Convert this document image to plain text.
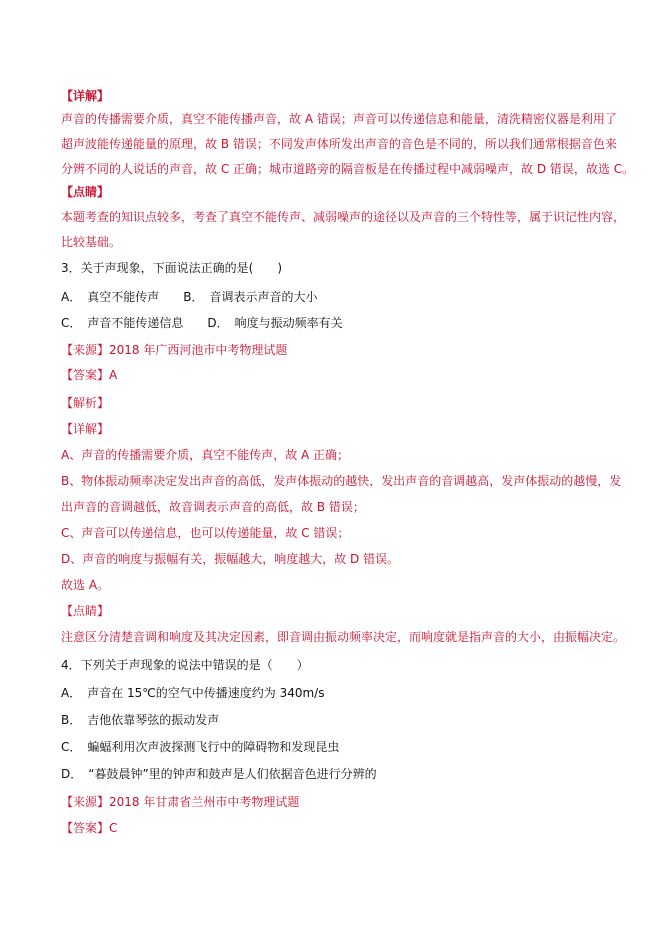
【详解】
声音的传播需要介质，真空不能传播声音，故 A 错误；声音可以传递信息和能量，清洗精密仪器是利用了
超声波能传递能量的原理，故 B 错误；不同发声体所发出声音的音色是不同的，所以我们通常根据音色来
分辨不同的人说话的声音，故 C 正确；城市道路旁的隔音板是在传播过程中减弱噪声，故 D 错误，故选 C。
【点睛】
本题考查的知识点较多，考查了真空不能传声、减弱噪声的途径以及声音的三个特性等，属于识记性内容，
比较基础。
3．关于声现象，下面说法正确的是(　　)
A．　真空不能传声　　B．　音调表示声音的大小
C．　声音不能传递信息　　D．　响度与振动频率有关
【来源】2018 年广西河池市中考物理试题
【答案】A
【解析】
【详解】
A、声音的传播需要介质，真空不能传声，故 A 正确；
B、物体振动频率决定发出声音的高低，发声体振动的越快，发出声音的音调越高，发声体振动的越慢，发
出声音的音调越低，故音调表示声音的高低，故 B 错误；
C、声音可以传递信息，也可以传递能量，故 C 错误；
D、声音的响度与振幅有关，振幅越大，响度越大，故 D 错误。
故选 A。
【点睛】
注意区分清楚音调和响度及其决定因素，即音调由振动频率决定，而响度就是指声音的大小，由振幅决定。
4．下列关于声现象的说法中错误的是（　　）
A．　声音在 15℃的空气中传播速度约为 340m/s
B．　吉他依靠琴弦的振动发声
C．　蝙蝠利用次声波探测飞行中的障碍物和发现昆虫
D．　“暮鼓晨钟”里的钟声和鼓声是人们依据音色进行分辨的
【来源】2018 年甘肃省兰州市中考物理试题
【答案】C
